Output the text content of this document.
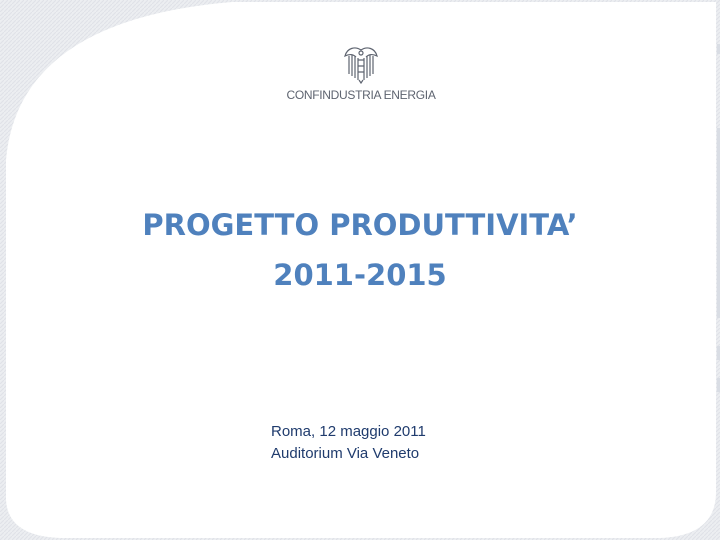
CONFINDUSTRIA ENERGIA
PROGETTO PRODUTTIVITA’
2011-2015
Roma, 12 maggio 2011
Auditorium Via Veneto
